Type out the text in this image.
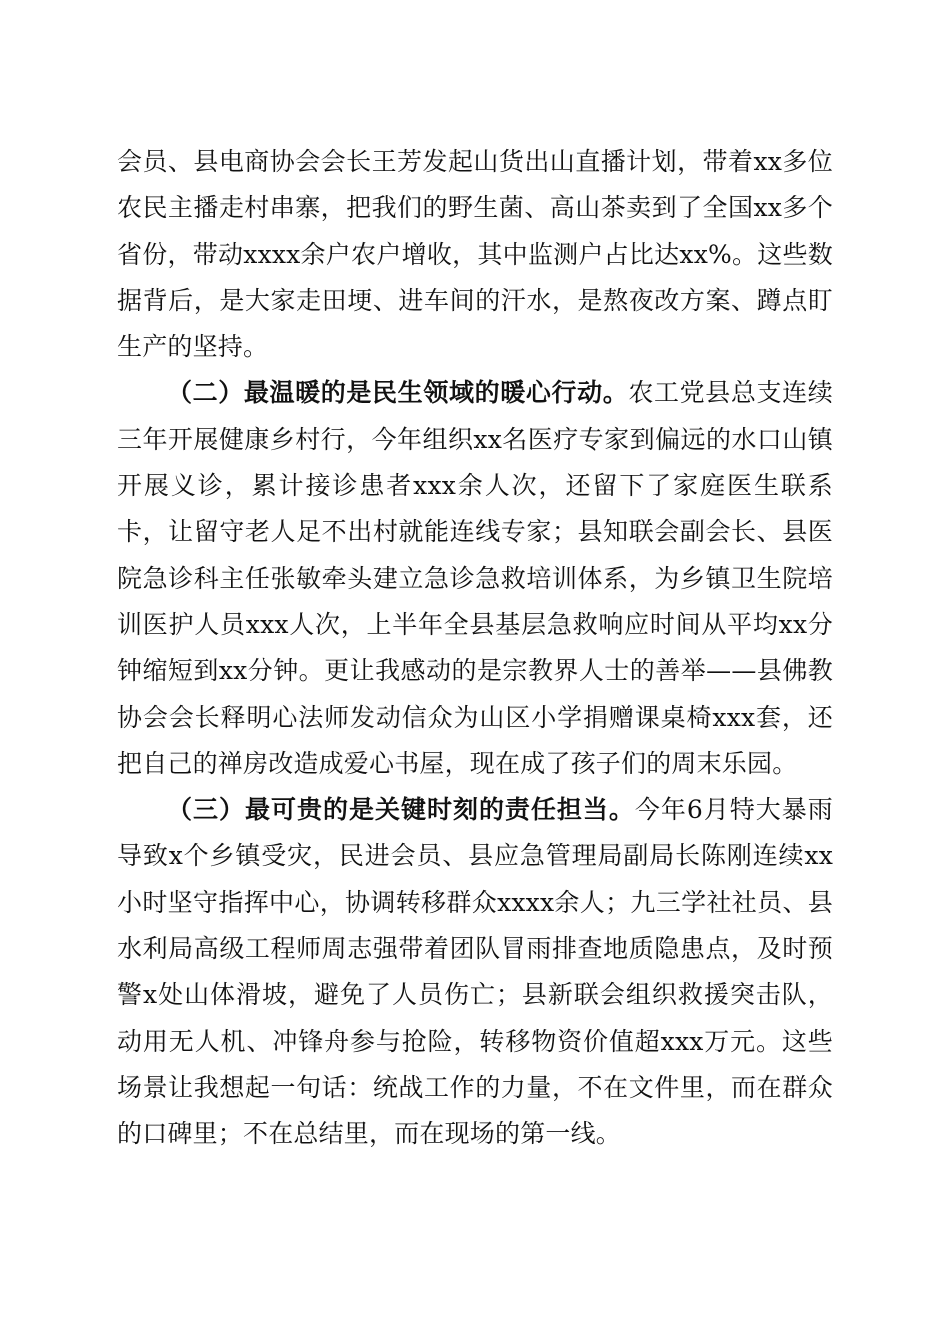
会员、县电商协会会长王芳发起山货出山直播计划，带着xx多位农民主播走村串寨，把我们的野生菌、高山茶卖到了全国xx多个省份，带动xxxx余户农户增收，其中监测户占比达xx%。这些数据背后，是大家走田埂、进车间的汗水，是熬夜改方案、蹲点盯生产的坚持。

（二）最温暖的是民生领域的暖心行动。农工党县总支连续三年开展健康乡村行，今年组织xx名医疗专家到偏远的水口山镇开展义诊，累计接诊患者xxx余人次，还留下了家庭医生联系卡，让留守老人足不出村就能连线专家；县知联会副会长、县医院急诊科主任张敏牵头建立急诊急救培训体系，为乡镇卫生院培训医护人员xxx人次，上半年全县基层急救响应时间从平均xx分钟缩短到xx分钟。更让我感动的是宗教界人士的善举——县佛教协会会长释明心法师发动信众为山区小学捐赠课桌椅xxx套，还把自己的禅房改造成爱心书屋，现在成了孩子们的周末乐园。

（三）最可贵的是关键时刻的责任担当。今年6月特大暴雨导致x个乡镇受灾，民进会员、县应急管理局副局长陈刚连续xx小时坚守指挥中心，协调转移群众xxxx余人；九三学社社员、县水利局高级工程师周志强带着团队冒雨排查地质隐患点，及时预警x处山体滑坡，避免了人员伤亡；县新联会组织救援突击队，动用无人机、冲锋舟参与抢险，转移物资价值超xxx万元。这些场景让我想起一句话：统战工作的力量，不在文件里，而在群众的口碑里；不在总结里，而在现场的第一线。
